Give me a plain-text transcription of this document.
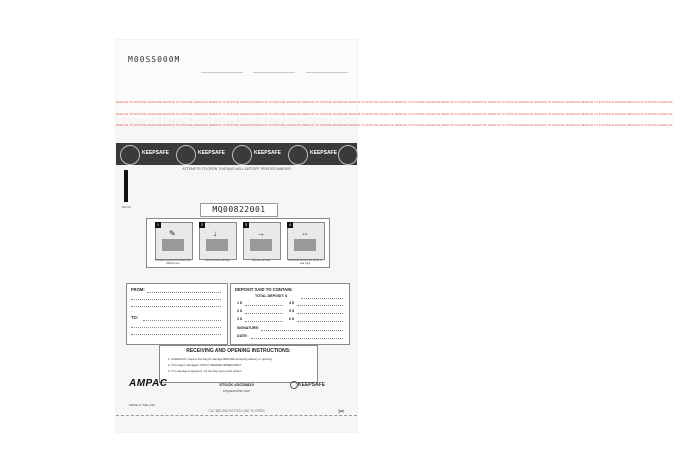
M00SS000M
REMOVE TO EXPOSE ADHESIVE REMOVE TO EXPOSE ADHESIVE REMOVE TO EXPOSE ADHESIVE REMOVE TO EXPOSE ADHESIVE REMOVE TO EXPOSE ADHESIVE REMOVE TO EXPOSE ADHESIVE REMOVE TO EXPOSE ADHESIVE REMOVE TO EXPOSE ADHESIVE REMOVE TO EXPOSE ADHESIVE REMOVE TO EXPOSE ADHESIVE REMOVE TO EXPOSE ADHESIVE REMOVE TO EXPOSE ADHESIVE
REMOVE TO EXPOSE ADHESIVE REMOVE TO EXPOSE ADHESIVE REMOVE TO EXPOSE ADHESIVE REMOVE TO EXPOSE ADHESIVE REMOVE TO EXPOSE ADHESIVE REMOVE TO EXPOSE ADHESIVE REMOVE TO EXPOSE ADHESIVE REMOVE TO EXPOSE ADHESIVE REMOVE TO EXPOSE ADHESIVE REMOVE TO EXPOSE ADHESIVE REMOVE TO EXPOSE ADHESIVE REMOVE TO EXPOSE ADHESIVE
REMOVE TO EXPOSE ADHESIVE REMOVE TO EXPOSE ADHESIVE REMOVE TO EXPOSE ADHESIVE REMOVE TO EXPOSE ADHESIVE REMOVE TO EXPOSE ADHESIVE REMOVE TO EXPOSE ADHESIVE REMOVE TO EXPOSE ADHESIVE REMOVE TO EXPOSE ADHESIVE REMOVE TO EXPOSE ADHESIVE REMOVE TO EXPOSE ADHESIVE REMOVE TO EXPOSE ADHESIVE REMOVE TO EXPOSE ADHESIVE
KEEPSAFE	KEEPSAFE	KEEPSAFE	KEEPSAFE
ATTEMPTS TO OPEN THIS BAG WILL DISTORT PRINTED IMAGES
SS-XX	MQ00822001
1
✎
Complete deposit information with ballpoint pen
2
↓
Insert contents into bag
3
→
Remove top strip
4
⇔
Press down firmly from centre to seal edge
FROM:
TO:
DEPOSIT SAID TO CONTAIN:
TOTAL DEPOSIT: $
1 $	4 $
2 $	5 $
3 $	6 $
SIGNATURE:
DATE:
RECEIVING AND OPENING INSTRUCTIONS:
1. CAREFULLY inspect this bag for damage BEFORE accepting delivery or opening.
2. If the bag is damaged, NOTIFY SENDER IMMEDIATELY
3. If no damage is apparent, cut the bag open at the bottom.
AMPAC
MADE IN THE USA
STOCK #DCS0810
ampaconline.com
KEEPSAFE
CUT BELOW DOTTED LINE TO OPEN	✂
